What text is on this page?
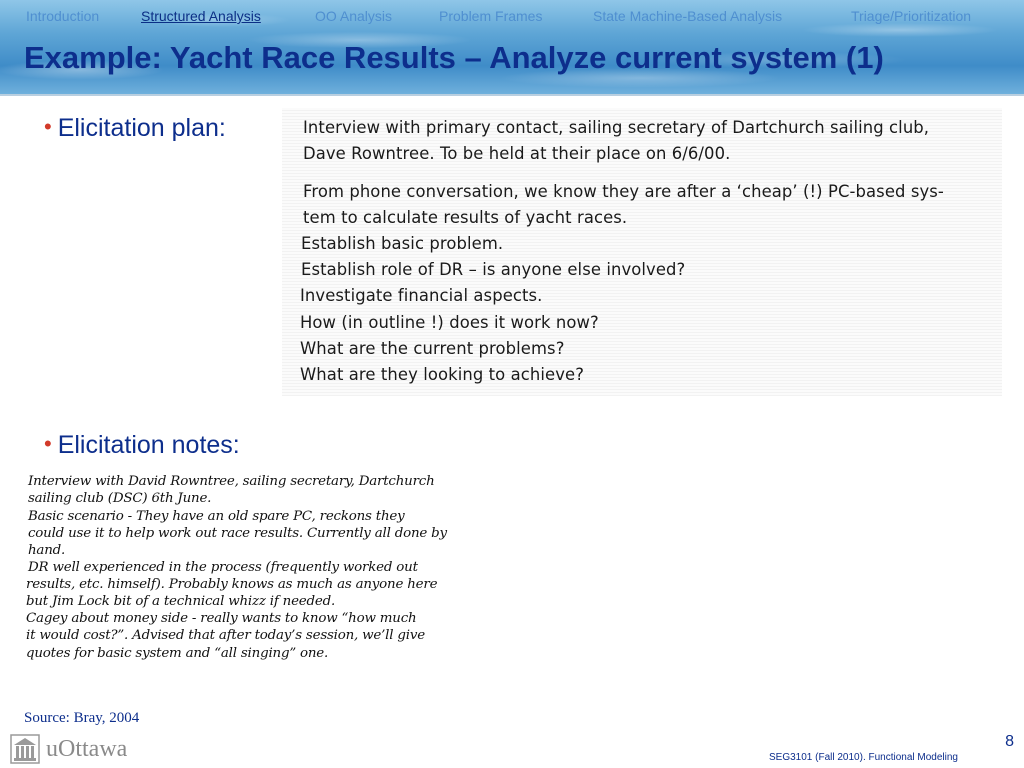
Introduction	Structured Analysis	OO Analysis	Problem Frames	State Machine-Based Analysis	Triage/Prioritization
Example: Yacht Race Results – Analyze current system (1)
• Elicitation plan:	Interview with primary contact, sailing secretary of Dartchurch sailing club,
Dave Rowntree. To be held at their place on 6/6/00.
From phone conversation, we know they are after a ‘cheap’ (!) PC-based sys-
tem to calculate results of yacht races.
Establish basic problem.
Establish role of DR – is anyone else involved?
Investigate financial aspects.
How (in outline !) does it work now?
What are the current problems?
What are they looking to achieve?
• Elicitation notes:
Interview with David Rowntree, sailing secretary, Dartchurch
sailing club (DSC) 6th June.
Basic scenario - They have an old spare PC, reckons they
could use it to help work out race results. Currently all done by
hand.
DR well experienced in the process (frequently worked out
results, etc. himself). Probably knows as much as anyone here
but Jim Lock bit of a technical whizz if needed.
Cagey about money side - really wants to know “how much
it would cost?”. Advised that after today’s session, we’ll give
quotes for basic system and “all singing” one.
Source: Bray, 2004
uOttawa	8
SEG3101 (Fall 2010). Functional Modeling
